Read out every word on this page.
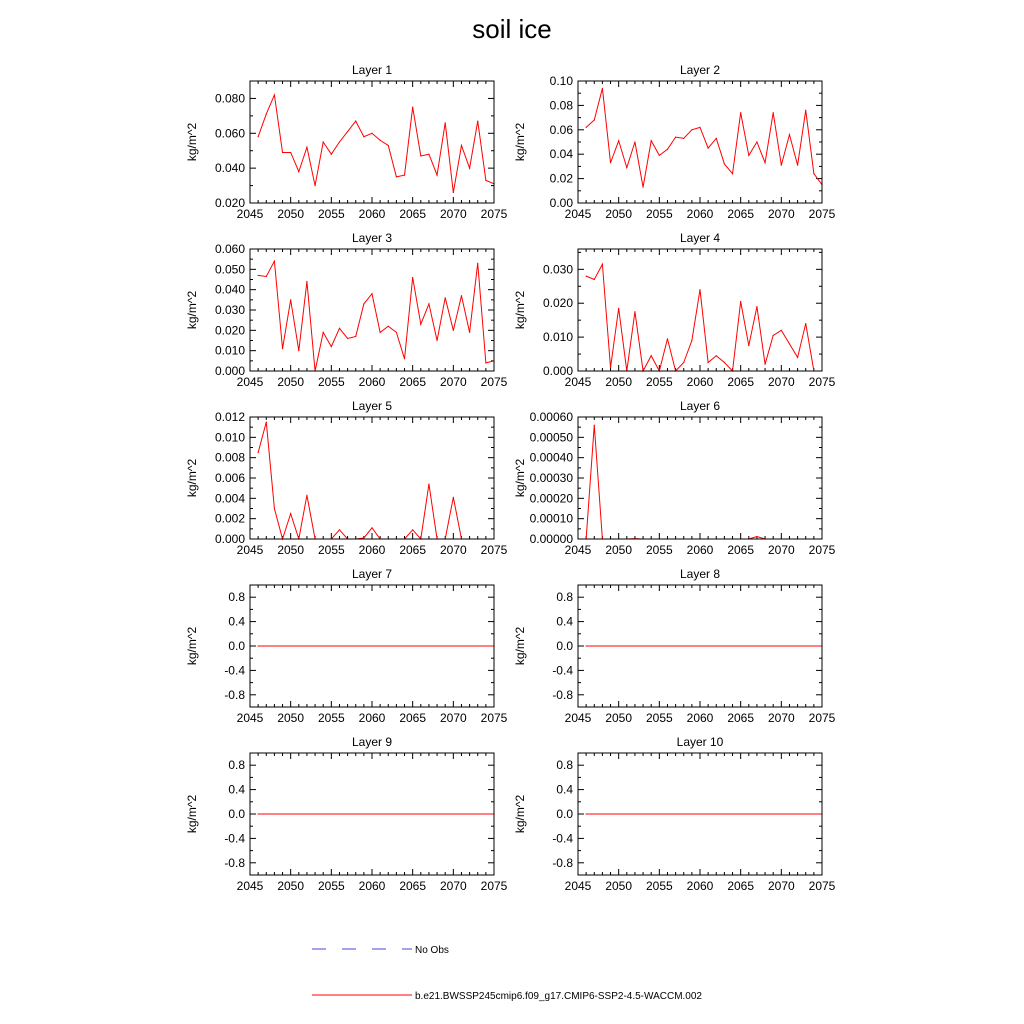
soil ice
Layer 1
kg/m^2
2045 2050 2055 2060 2065 2070 2075
0.020
0.040
0.060
0.080
Layer 2
kg/m^2
2045 2050 2055 2060 2065 2070 2075
0.00
0.02
0.04
0.06
0.08
0.10
Layer 3
kg/m^2
2045 2050 2055 2060 2065 2070 2075
0.000
0.010
0.020
0.030
0.040
0.050
0.060
Layer 4
kg/m^2
2045 2050 2055 2060 2065 2070 2075
0.000
0.010
0.020
0.030
Layer 5
kg/m^2
2045 2050 2055 2060 2065 2070 2075
0.000
0.002
0.004
0.006
0.008
0.010
0.012
Layer 6
kg/m^2
2045 2050 2055 2060 2065 2070 2075
0.00000
0.00010
0.00020
0.00030
0.00040
0.00050
0.00060
Layer 7
kg/m^2
2045 2050 2055 2060 2065 2070 2075
-0.8
-0.4
0.0
0.4
0.8
Layer 8
kg/m^2
2045 2050 2055 2060 2065 2070 2075
-0.8
-0.4
0.0
0.4
0.8
Layer 9
kg/m^2
2045 2050 2055 2060 2065 2070 2075
-0.8
-0.4
0.0
0.4
0.8
Layer 10
kg/m^2
2045 2050 2055 2060 2065 2070 2075
-0.8
-0.4
0.0
0.4
0.8
No Obs
b.e21.BWSSP245cmip6.f09_g17.CMIP6-SSP2-4.5-WACCM.002
